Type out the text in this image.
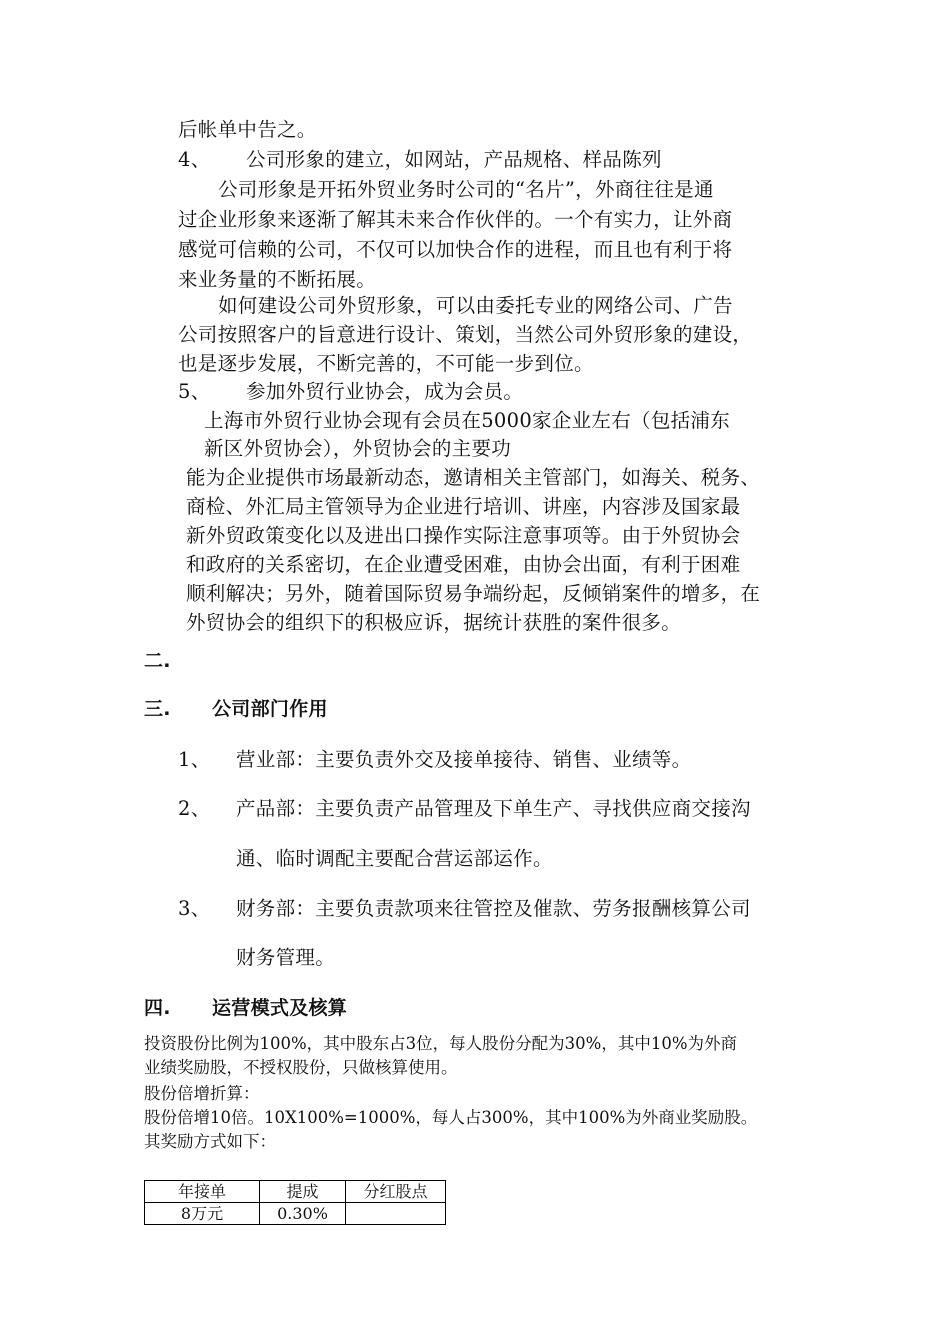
后帐单中告之。
4、 公司形象的建立，如网站，产品规格、样品陈列
公司形象是开拓外贸业务时公司的“名片”，外商往往是通
过企业形象来逐渐了解其未来合作伙伴的。一个有实力，让外商
感觉可信赖的公司，不仅可以加快合作的进程，而且也有利于将
来业务量的不断拓展。
如何建设公司外贸形象，可以由委托专业的网络公司、广告
公司按照客户的旨意进行设计、策划，当然公司外贸形象的建设，
也是逐步发展，不断完善的，不可能一步到位。
5、 参加外贸行业协会，成为会员。
上海市外贸行业协会现有会员在5000家企业左右（包括浦东
新区外贸协会），外贸协会的主要功
能为企业提供市场最新动态，邀请相关主管部门，如海关、税务、
商检、外汇局主管领导为企业进行培训、讲座，内容涉及国家最
新外贸政策变化以及进出口操作实际注意事项等。由于外贸协会
和政府的关系密切，在企业遭受困难，由协会出面，有利于困难
顺利解决；另外，随着国际贸易争端纷起，反倾销案件的增多，在
外贸协会的组织下的积极应诉，据统计获胜的案件很多。
二.
三. 公司部门作用
1、 营业部：主要负责外交及接单接待、销售、业绩等。
2、 产品部：主要负责产品管理及下单生产、寻找供应商交接沟
通、临时调配主要配合营运部运作。
3、 财务部：主要负责款项来往管控及催款、劳务报酬核算公司
财务管理。
四. 运营模式及核算
投资股份比例为100%，其中股东占3位，每人股份分配为30%，其中10%为外商
业绩奖励股，不授权股份，只做核算使用。
股份倍增折算：
股份倍增10倍。10X100%=1000%，每人占300%，其中100%为外商业奖励股。
其奖励方式如下：
年接单	提成	分红股点
8万元	0.30%	
